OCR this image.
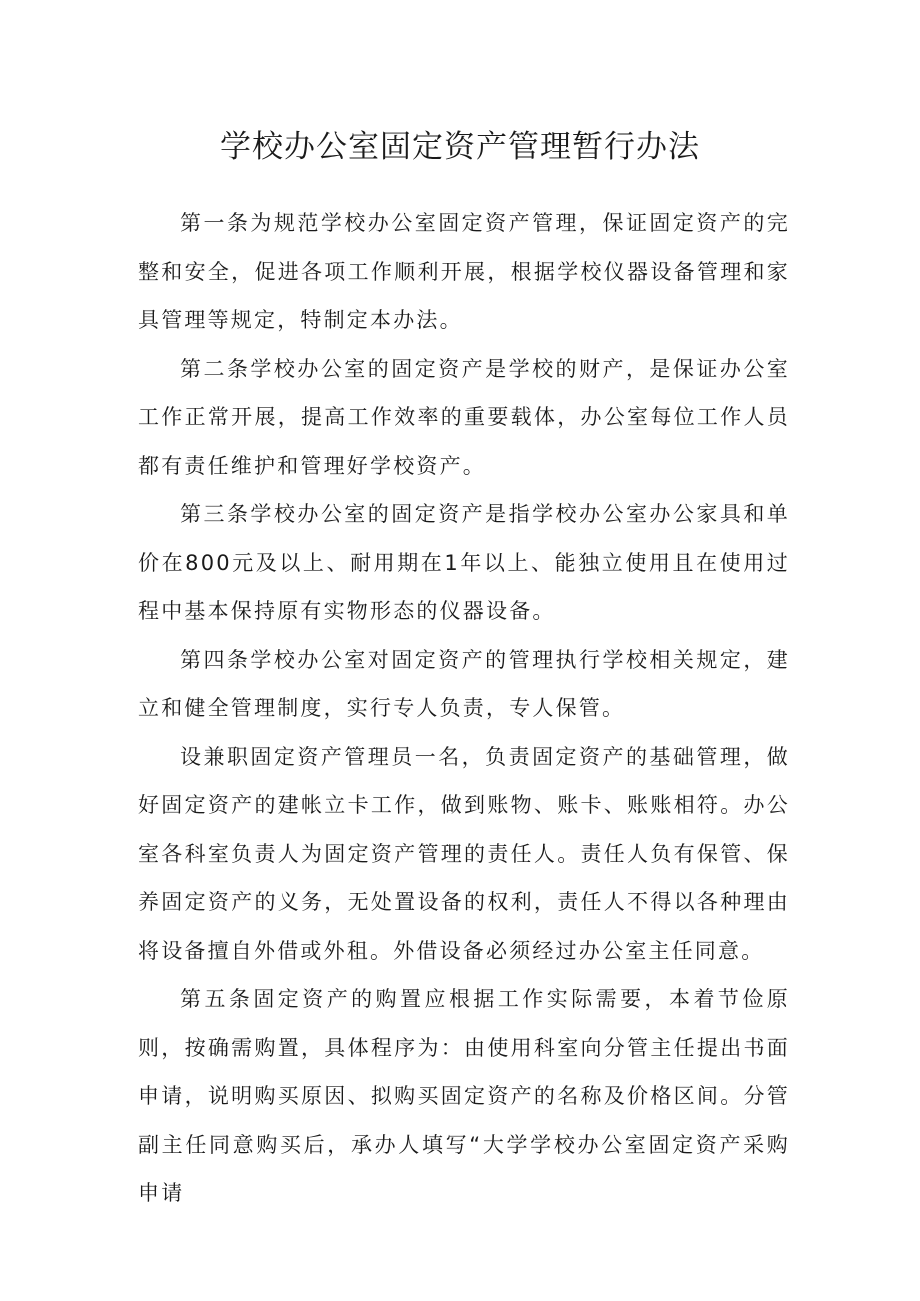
学校办公室固定资产管理暂行办法

第一条为规范学校办公室固定资产管理，保证固定资产的完整和安全，促进各项工作顺利开展，根据学校仪器设备管理和家具管理等规定，特制定本办法。

第二条学校办公室的固定资产是学校的财产，是保证办公室工作正常开展，提高工作效率的重要载体，办公室每位工作人员都有责任维护和管理好学校资产。

第三条学校办公室的固定资产是指学校办公室办公家具和单价在800元及以上、耐用期在1年以上、能独立使用且在使用过程中基本保持原有实物形态的仪器设备。

第四条学校办公室对固定资产的管理执行学校相关规定，建立和健全管理制度，实行专人负责，专人保管。

设兼职固定资产管理员一名，负责固定资产的基础管理，做好固定资产的建帐立卡工作，做到账物、账卡、账账相符。办公室各科室负责人为固定资产管理的责任人。责任人负有保管、保养固定资产的义务，无处置设备的权利，责任人不得以各种理由将设备擅自外借或外租。外借设备必须经过办公室主任同意。

第五条固定资产的购置应根据工作实际需要，本着节俭原则，按确需购置，具体程序为：由使用科室向分管主任提出书面申请，说明购买原因、拟购买固定资产的名称及价格区间。分管副主任同意购买后，承办人填写“大学学校办公室固定资产采购申请
